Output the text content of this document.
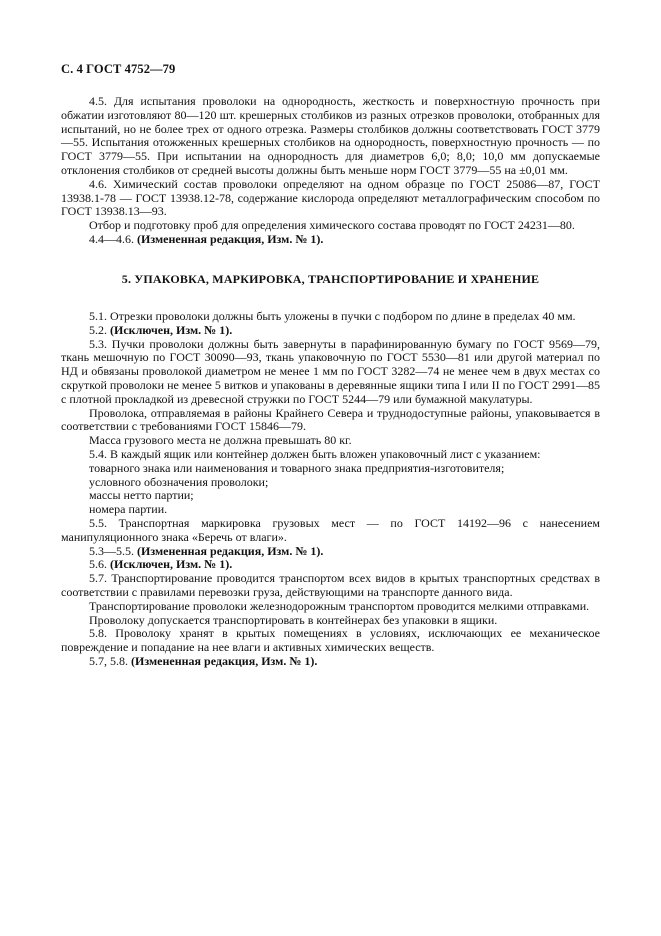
С. 4 ГОСТ 4752—79

4.5. Для испытания проволоки на однородность, жесткость и поверхностную прочность при обжатии изготовляют 80—120 шт. крешерных столбиков из разных отрезков проволоки, отобранных для испытаний, но не более трех от одного отрезка. Размеры столбиков должны соответствовать ГОСТ 3779—55. Испытания отожженных крешерных столбиков на однородность, поверхностную прочность — по ГОСТ 3779—55. При испытании на однородность для диаметров 6,0; 8,0; 10,0 мм допускаемые отклонения столбиков от средней высоты должны быть меньше норм ГОСТ 3779—55 на ±0,01 мм.

4.6. Химический состав проволоки определяют на одном образце по ГОСТ 25086—87, ГОСТ 13938.1-78 — ГОСТ 13938.12-78, содержание кислорода определяют металлографическим способом по ГОСТ 13938.13—93.

Отбор и подготовку проб для определения химического состава проводят по ГОСТ 24231—80.

4.4—4.6. (Измененная редакция, Изм. № 1).

5. УПАКОВКА, МАРКИРОВКА, ТРАНСПОРТИРОВАНИЕ И ХРАНЕНИЕ

5.1. Отрезки проволоки должны быть уложены в пучки с подбором по длине в пределах 40 мм.

5.2. (Исключен, Изм. № 1).

5.3. Пучки проволоки должны быть завернуты в парафинированную бумагу по ГОСТ 9569—79, ткань мешочную по ГОСТ 30090—93, ткань упаковочную по ГОСТ 5530—81 или другой материал по НД и обвязаны проволокой диаметром не менее 1 мм по ГОСТ 3282—74 не менее чем в двух местах со скруткой проволоки не менее 5 витков и упакованы в деревянные ящики типа I или II по ГОСТ 2991—85 с плотной прокладкой из древесной стружки по ГОСТ 5244—79 или бумажной макулатуры.

Проволока, отправляемая в районы Крайнего Севера и труднодоступные районы, упаковывается в соответствии с требованиями ГОСТ 15846—79.

Масса грузового места не должна превышать 80 кг.

5.4. В каждый ящик или контейнер должен быть вложен упаковочный лист с указанием:

товарного знака или наименования и товарного знака предприятия-изготовителя;

условного обозначения проволоки;

массы нетто партии;

номера партии.

5.5. Транспортная маркировка грузовых мест — по ГОСТ 14192—96 с нанесением манипуляционного знака «Беречь от влаги».

5.3—5.5. (Измененная редакция, Изм. № 1).

5.6. (Исключен, Изм. № 1).

5.7. Транспортирование проводится транспортом всех видов в крытых транспортных средствах в соответствии с правилами перевозки груза, действующими на транспорте данного вида.

Транспортирование проволоки железнодорожным транспортом проводится мелкими отправками.

Проволоку допускается транспортировать в контейнерах без упаковки в ящики.

5.8. Проволоку хранят в крытых помещениях в условиях, исключающих ее механическое повреждение и попадание на нее влаги и активных химических веществ.

5.7, 5.8. (Измененная редакция, Изм. № 1).
